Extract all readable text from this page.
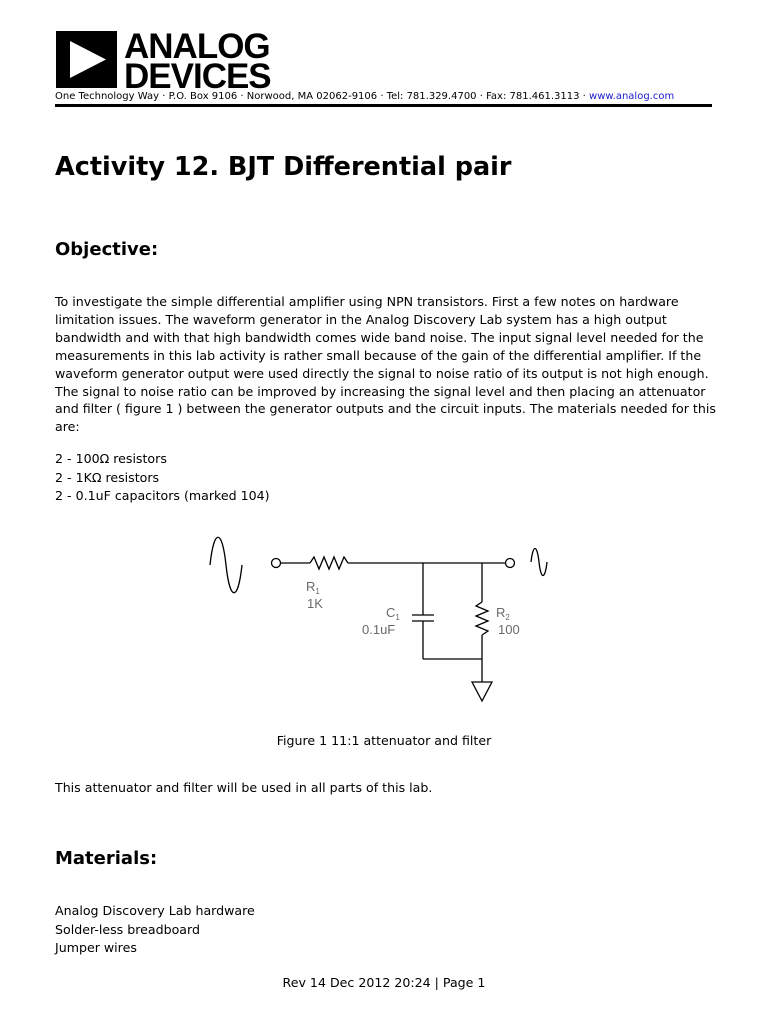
ANALOG
DEVICES
One Technology Way · P.O. Box 9106 · Norwood, MA 02062-9106 · Tel: 781.329.4700 · Fax: 781.461.3113 · www.analog.com
Activity 12. BJT Differential pair
Objective:

To investigate the simple differential amplifier using NPN transistors. First a few notes on hardware limitation issues. The waveform generator in the Analog Discovery Lab system has a high output bandwidth and with that high bandwidth comes wide band noise. The input signal level needed for the measurements in this lab activity is rather small because of the gain of the differential amplifier. If the waveform generator output were used directly the signal to noise ratio of its output is not high enough. The signal to noise ratio can be improved by increasing the signal level and then placing an attenuator and filter ( figure 1 ) between the generator outputs and the circuit inputs. The materials needed for this are:

2 - 100Ω resistors
2 - 1KΩ resistors
2 - 0.1uF capacitors (marked 104)
$R_1$
1K
$C_1$
0.1uF
$R_2$
100
Figure 1 11:1 attenuator and filter
This attenuator and filter will be used in all parts of this lab.
Materials:
Analog Discovery Lab hardware
Solder-less breadboard
Jumper wires
Rev 14 Dec 2012 20:24 | Page 1
